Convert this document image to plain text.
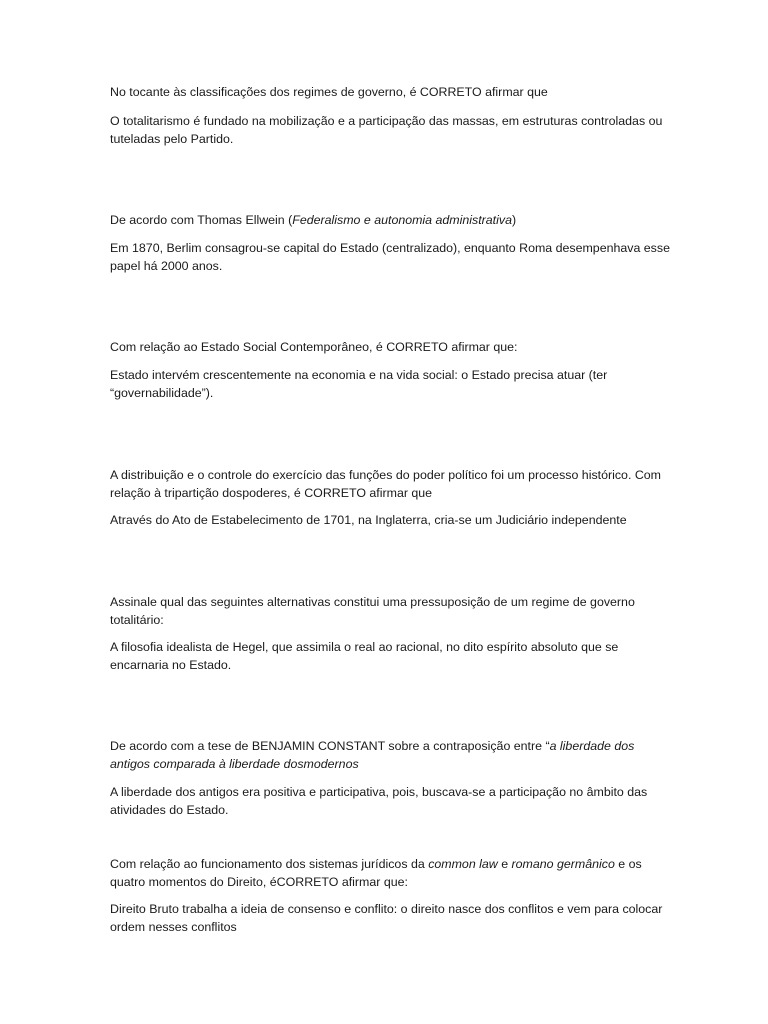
No tocante às classificações dos regimes de governo, é CORRETO afirmar que

O totalitarismo é fundado na mobilização e a participação das massas, em estruturas controladas ou tuteladas pelo Partido.

De acordo com Thomas Ellwein (Federalismo e autonomia administrativa)

Em 1870, Berlim consagrou-se capital do Estado (centralizado), enquanto Roma desempenhava esse papel há 2000 anos.

Com relação ao Estado Social Contemporâneo, é CORRETO afirmar que:

Estado intervém crescentemente na economia e na vida social: o Estado precisa atuar (ter “governabilidade”).

A distribuição e o controle do exercício das funções do poder político foi um processo histórico. Com relação à tripartição dospoderes, é CORRETO afirmar que

Através do Ato de Estabelecimento de 1701, na Inglaterra, cria-se um Judiciário independente

Assinale qual das seguintes alternativas constitui uma pressuposição de um regime de governo totalitário:

A filosofia idealista de Hegel, que assimila o real ao racional, no dito espírito absoluto que se encarnaria no Estado.

De acordo com a tese de BENJAMIN CONSTANT sobre a contraposição entre “a liberdade dos antigos comparada à liberdade dosmodernos

A liberdade dos antigos era positiva e participativa, pois, buscava-se a participação no âmbito das atividades do Estado.

Com relação ao funcionamento dos sistemas jurídicos da common law e romano germânico e os quatro momentos do Direito, éCORRETO afirmar que:

Direito Bruto trabalha a ideia de consenso e conflito: o direito nasce dos conflitos e vem para colocar ordem nesses conflitos
